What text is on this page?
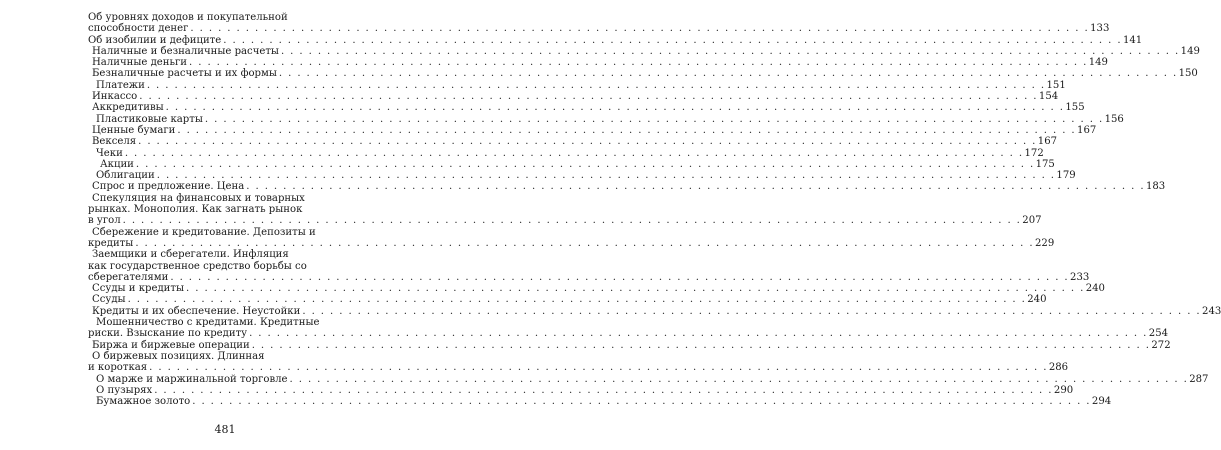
Об уровнях доходов и покупательной
способности денег . . . . . . . . . . . . . . . . . . . . . . . . . . . . . . . . . . . . . . . . . . . . . . . . . . . . . . . . . . . . . . . . . . . . . . . . . . . . . . . . . . . . . . . . . . . . . . . . . . 133
Об изобилии и дефиците . . . . . . . . . . . . . . . . . . . . . . . . . . . . . . . . . . . . . . . . . . . . . . . . . . . . . . . . . . . . . . . . . . . . . . . . . . . . . . . . . . . . . . . . . . . . . . . . . . 141
Наличные и безналичные расчеты . . . . . . . . . . . . . . . . . . . . . . . . . . . . . . . . . . . . . . . . . . . . . . . . . . . . . . . . . . . . . . . . . . . . . . . . . . . . . . . . . . . . . . . . . . . . . . . . . . 149
Наличные деньги . . . . . . . . . . . . . . . . . . . . . . . . . . . . . . . . . . . . . . . . . . . . . . . . . . . . . . . . . . . . . . . . . . . . . . . . . . . . . . . . . . . . . . . . . . . . . . . . . . 149
Безналичные расчеты и их формы . . . . . . . . . . . . . . . . . . . . . . . . . . . . . . . . . . . . . . . . . . . . . . . . . . . . . . . . . . . . . . . . . . . . . . . . . . . . . . . . . . . . . . . . . . . . . . . . . . 150
Платежи . . . . . . . . . . . . . . . . . . . . . . . . . . . . . . . . . . . . . . . . . . . . . . . . . . . . . . . . . . . . . . . . . . . . . . . . . . . . . . . . . . . . . . . . . . . . . . . . . . 151
Инкассо . . . . . . . . . . . . . . . . . . . . . . . . . . . . . . . . . . . . . . . . . . . . . . . . . . . . . . . . . . . . . . . . . . . . . . . . . . . . . . . . . . . . . . . . . . . . . . . . . . 154
Аккредитивы . . . . . . . . . . . . . . . . . . . . . . . . . . . . . . . . . . . . . . . . . . . . . . . . . . . . . . . . . . . . . . . . . . . . . . . . . . . . . . . . . . . . . . . . . . . . . . . . . . 155
Пластиковые карты . . . . . . . . . . . . . . . . . . . . . . . . . . . . . . . . . . . . . . . . . . . . . . . . . . . . . . . . . . . . . . . . . . . . . . . . . . . . . . . . . . . . . . . . . . . . . . . . . . 156
Ценные бумаги . . . . . . . . . . . . . . . . . . . . . . . . . . . . . . . . . . . . . . . . . . . . . . . . . . . . . . . . . . . . . . . . . . . . . . . . . . . . . . . . . . . . . . . . . . . . . . . . . . 167
Векселя . . . . . . . . . . . . . . . . . . . . . . . . . . . . . . . . . . . . . . . . . . . . . . . . . . . . . . . . . . . . . . . . . . . . . . . . . . . . . . . . . . . . . . . . . . . . . . . . . . 167
Чеки . . . . . . . . . . . . . . . . . . . . . . . . . . . . . . . . . . . . . . . . . . . . . . . . . . . . . . . . . . . . . . . . . . . . . . . . . . . . . . . . . . . . . . . . . . . . . . . . . . 172
Акции . . . . . . . . . . . . . . . . . . . . . . . . . . . . . . . . . . . . . . . . . . . . . . . . . . . . . . . . . . . . . . . . . . . . . . . . . . . . . . . . . . . . . . . . . . . . . . . . . . 175
Облигации . . . . . . . . . . . . . . . . . . . . . . . . . . . . . . . . . . . . . . . . . . . . . . . . . . . . . . . . . . . . . . . . . . . . . . . . . . . . . . . . . . . . . . . . . . . . . . . . . . 179
Спрос и предложение. Цена . . . . . . . . . . . . . . . . . . . . . . . . . . . . . . . . . . . . . . . . . . . . . . . . . . . . . . . . . . . . . . . . . . . . . . . . . . . . . . . . . . . . . . . . . . . . . . . . . . 183
Спекуляция на финансовых и товарных
рынках. Монополия. Как загнать рынок
в угол . . . . . . . . . . . . . . . . . . . . . . . . . . . . . . . . . . . . . . . . . . . . . . . . . . . . . . . . . . . . . . . . . . . . . . . . . . . . . . . . . . . . . . . . . . . . . . . . . . 207
Сбережение и кредитование. Депозиты и
кредиты . . . . . . . . . . . . . . . . . . . . . . . . . . . . . . . . . . . . . . . . . . . . . . . . . . . . . . . . . . . . . . . . . . . . . . . . . . . . . . . . . . . . . . . . . . . . . . . . . . 229
Заемщики и сберегатели. Инфляция
как государственное средство борьбы со
сберегателями . . . . . . . . . . . . . . . . . . . . . . . . . . . . . . . . . . . . . . . . . . . . . . . . . . . . . . . . . . . . . . . . . . . . . . . . . . . . . . . . . . . . . . . . . . . . . . . . . . 233
Ссуды и кредиты . . . . . . . . . . . . . . . . . . . . . . . . . . . . . . . . . . . . . . . . . . . . . . . . . . . . . . . . . . . . . . . . . . . . . . . . . . . . . . . . . . . . . . . . . . . . . . . . . . 240
Ссуды . . . . . . . . . . . . . . . . . . . . . . . . . . . . . . . . . . . . . . . . . . . . . . . . . . . . . . . . . . . . . . . . . . . . . . . . . . . . . . . . . . . . . . . . . . . . . . . . . . 240
Кредиты и их обеспечение. Неустойки . . . . . . . . . . . . . . . . . . . . . . . . . . . . . . . . . . . . . . . . . . . . . . . . . . . . . . . . . . . . . . . . . . . . . . . . . . . . . . . . . . . . . . . . . . . . . . . . . . 243
Мошенничество с кредитами. Кредитные
риски. Взыскание по кредиту . . . . . . . . . . . . . . . . . . . . . . . . . . . . . . . . . . . . . . . . . . . . . . . . . . . . . . . . . . . . . . . . . . . . . . . . . . . . . . . . . . . . . . . . . . . . . . . . . . 254
Биржа и биржевые операции . . . . . . . . . . . . . . . . . . . . . . . . . . . . . . . . . . . . . . . . . . . . . . . . . . . . . . . . . . . . . . . . . . . . . . . . . . . . . . . . . . . . . . . . . . . . . . . . . . 272
О биржевых позициях. Длинная
и короткая . . . . . . . . . . . . . . . . . . . . . . . . . . . . . . . . . . . . . . . . . . . . . . . . . . . . . . . . . . . . . . . . . . . . . . . . . . . . . . . . . . . . . . . . . . . . . . . . . . 286
О марже и маржинальной торговле . . . . . . . . . . . . . . . . . . . . . . . . . . . . . . . . . . . . . . . . . . . . . . . . . . . . . . . . . . . . . . . . . . . . . . . . . . . . . . . . . . . . . . . . . . . . . . . . . . 287
О пузырях . . . . . . . . . . . . . . . . . . . . . . . . . . . . . . . . . . . . . . . . . . . . . . . . . . . . . . . . . . . . . . . . . . . . . . . . . . . . . . . . . . . . . . . . . . . . . . . . . . 290
Бумажное золото . . . . . . . . . . . . . . . . . . . . . . . . . . . . . . . . . . . . . . . . . . . . . . . . . . . . . . . . . . . . . . . . . . . . . . . . . . . . . . . . . . . . . . . . . . . . . . . . . . 294
481
